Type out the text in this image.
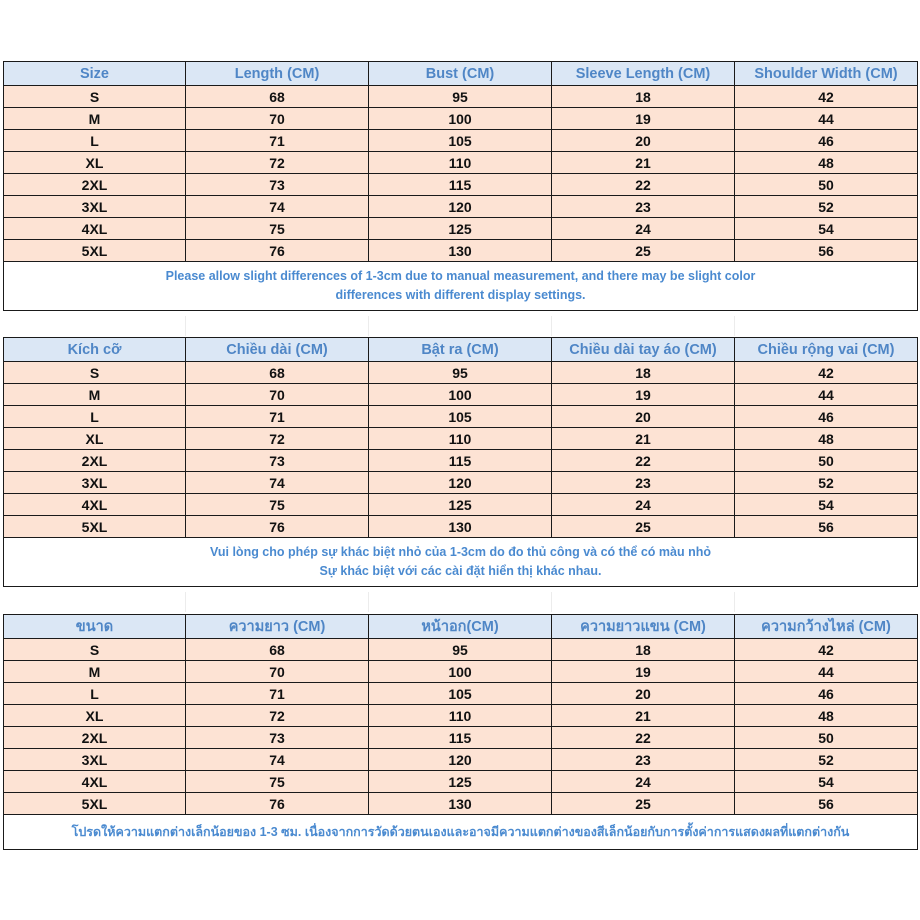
Size	Length (CM)	Bust (CM)	Sleeve Length (CM)	Shoulder Width (CM)
S	68	95	18	42
M	70	100	19	44
L	71	105	20	46
XL	72	110	21	48
2XL	73	115	22	50
3XL	74	120	23	52
4XL	75	125	24	54
5XL	76	130	25	56

Please allow slight differences of 1-3cm due to manual measurement, and there may be slight color
differences with different display settings.				
Kích cỡ	Chiều dài (CM)	Bật ra (CM)	Chiều dài tay áo (CM)	Chiều rộng vai (CM)
S	68	95	18	42
M	70	100	19	44
L	71	105	20	46
XL	72	110	21	48
2XL	73	115	22	50
3XL	74	120	23	52
4XL	75	125	24	54
5XL	76	130	25	56

Vui lòng cho phép sự khác biệt nhỏ của 1-3cm do đo thủ công và có thể có màu nhỏ
Sự khác biệt với các cài đặt hiển thị khác nhau.				
ขนาด	ความยาว (CM)	หน้าอก(CM)	ความยาวแขน (CM)	ความกว้างไหล่ (CM)
S	68	95	18	42
M	70	100	19	44
L	71	105	20	46
XL	72	110	21	48
2XL	73	115	22	50
3XL	74	120	23	52
4XL	75	125	24	54
5XL	76	130	25	56

โปรดให้ความแตกต่างเล็กน้อยของ 1-3 ซม. เนื่องจากการวัดด้วยตนเองและอาจมีความแตกต่างของสีเล็กน้อยกับการตั้งค่าการแสดงผลที่แตกต่างกัน				
